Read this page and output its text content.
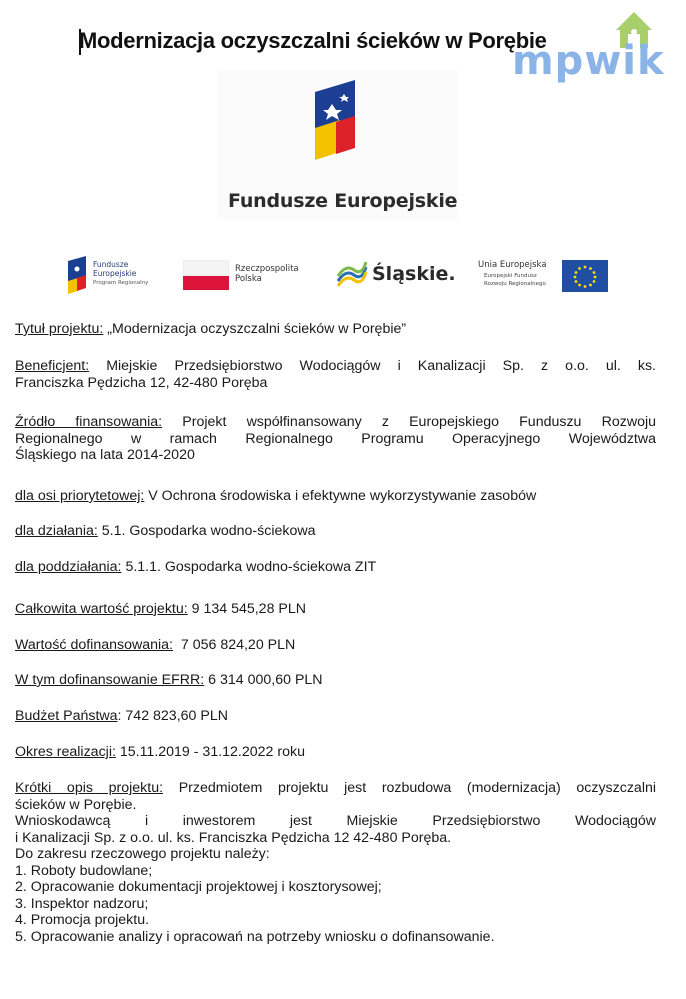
Modernizacja oczyszczalni ścieków w Porębie
mpwik
Fundusze Europejskie
Fundusze
Europejskie
Program Regionalny
Rzeczpospolita
Polska	Śląskie.	Unia Europejska
Europejski Fundusz
Rozwoju Regionalnego
Tytuł projektu: „Modernizacja oczyszczalni ścieków w Porębie”
Beneficjent: Miejskie Przedsiębiorstwo Wodociągów i Kanalizacji Sp. z o.o. ul. ks.
Franciszka Pędzicha 12, 42-480 Poręba
Źródło finansowania: Projekt współfinansowany z Europejskiego Funduszu Rozwoju
Regionalnego w ramach Regionalnego Programu Operacyjnego Województwa
Śląskiego na lata 2014-2020
dla osi priorytetowej: V Ochrona środowiska i efektywne wykorzystywanie zasobów
dla działania: 5.1. Gospodarka wodno-ściekowa
dla poddziałania: 5.1.1. Gospodarka wodno-ściekowa ZIT
Całkowita wartość projektu: 9 134 545,28 PLN
Wartość dofinansowania:  7 056 824,20 PLN
W tym dofinansowanie EFRR: 6 314 000,60 PLN
Budżet Państwa: 742 823,60 PLN
Okres realizacji: 15.11.2019 - 31.12.2022 roku
Krótki opis projektu: Przedmiotem projektu jest rozbudowa (modernizacja) oczyszczalni
ścieków w Porębie.
Wnioskodawcą i inwestorem jest Miejskie Przedsiębiorstwo Wodociągów
i Kanalizacji Sp. z o.o. ul. ks. Franciszka Pędzicha 12 42-480 Poręba.
Do zakresu rzeczowego projektu należy:
1. Roboty budowlane;
2. Opracowanie dokumentacji projektowej i kosztorysowej;
3. Inspektor nadzoru;
4. Promocja projektu.
5. Opracowanie analizy i opracowań na potrzeby wniosku o dofinansowanie.
